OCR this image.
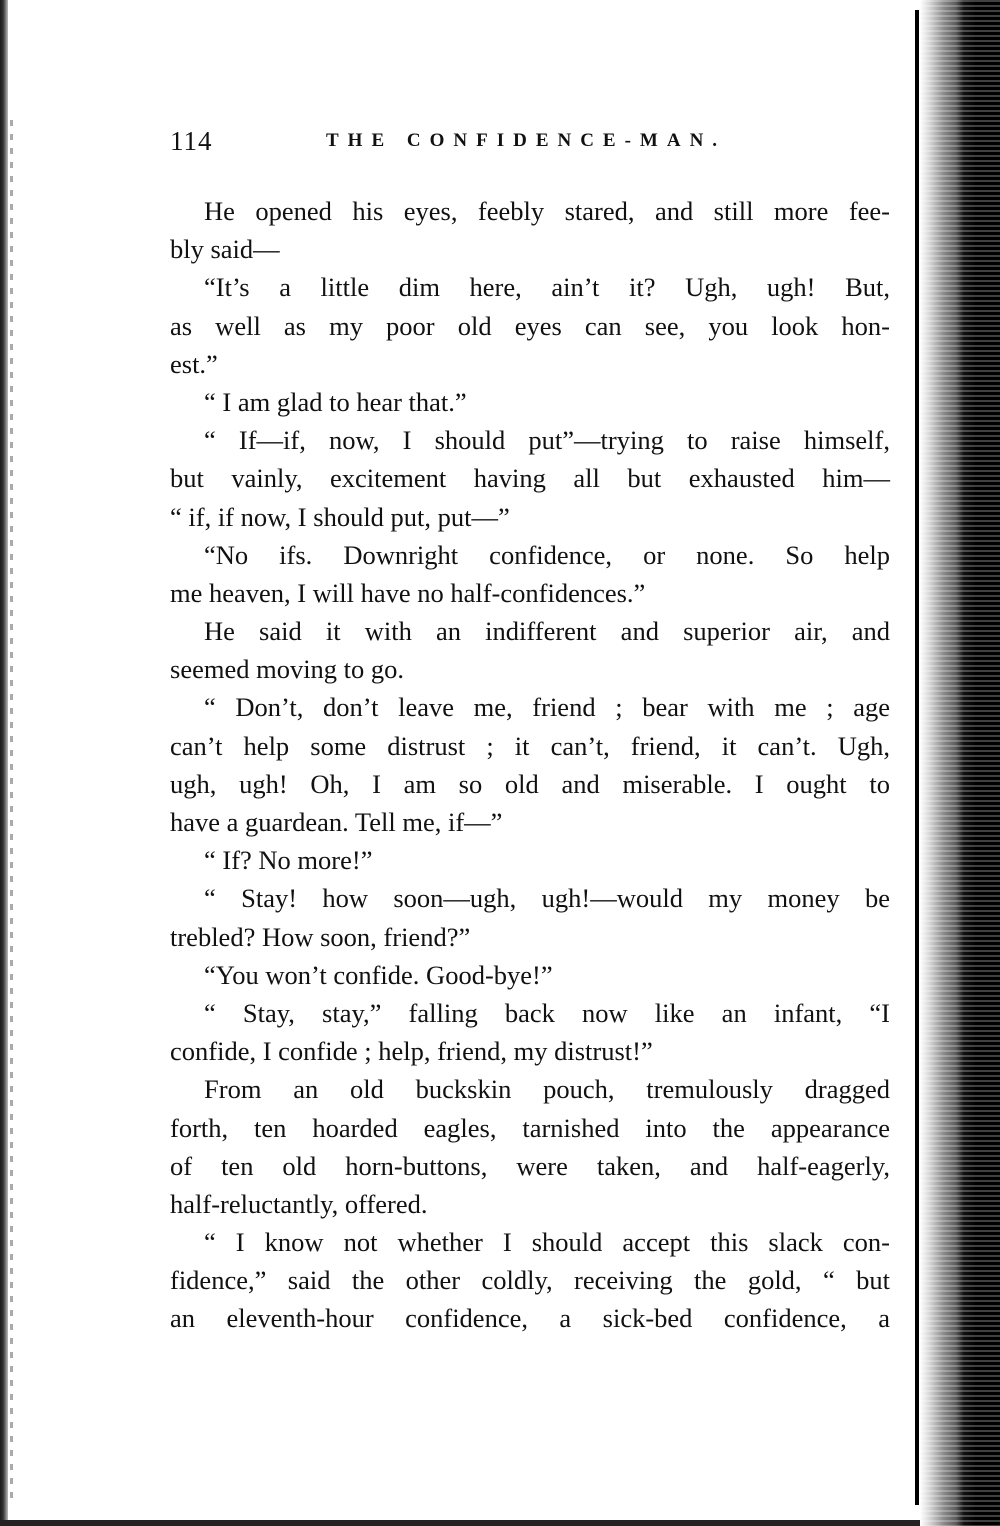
114	THE CONFIDENCE-MAN.
He opened his eyes, feebly stared, and still more fee-
bly said—
“It’s a little dim here, ain’t it? Ugh, ugh! But,
as well as my poor old eyes can see, you look hon-
est.”
“ I am glad to hear that.”
“ If—if, now, I should put”—trying to raise himself,
but vainly, excitement having all but exhausted him—
“ if, if now, I should put, put—”
“No ifs. Downright confidence, or none. So help
me heaven, I will have no half-confidences.”
He said it with an indifferent and superior air, and
seemed moving to go.
“ Don’t, don’t leave me, friend ; bear with me ; age
can’t help some distrust ; it can’t, friend, it can’t. Ugh,
ugh, ugh! Oh, I am so old and miserable. I ought to
have a guardean. Tell me, if—”
“ If? No more!”
“ Stay! how soon—ugh, ugh!—would my money be
trebled? How soon, friend?”
“You won’t confide. Good-bye!”
“ Stay, stay,” falling back now like an infant, “I
confide, I confide ; help, friend, my distrust!”
From an old buckskin pouch, tremulously dragged
forth, ten hoarded eagles, tarnished into the appearance
of ten old horn-buttons, were taken, and half-eagerly,
half-reluctantly, offered.
“ I know not whether I should accept this slack con-
fidence,” said the other coldly, receiving the gold, “ but
an eleventh-hour confidence, a sick-bed confidence, a
